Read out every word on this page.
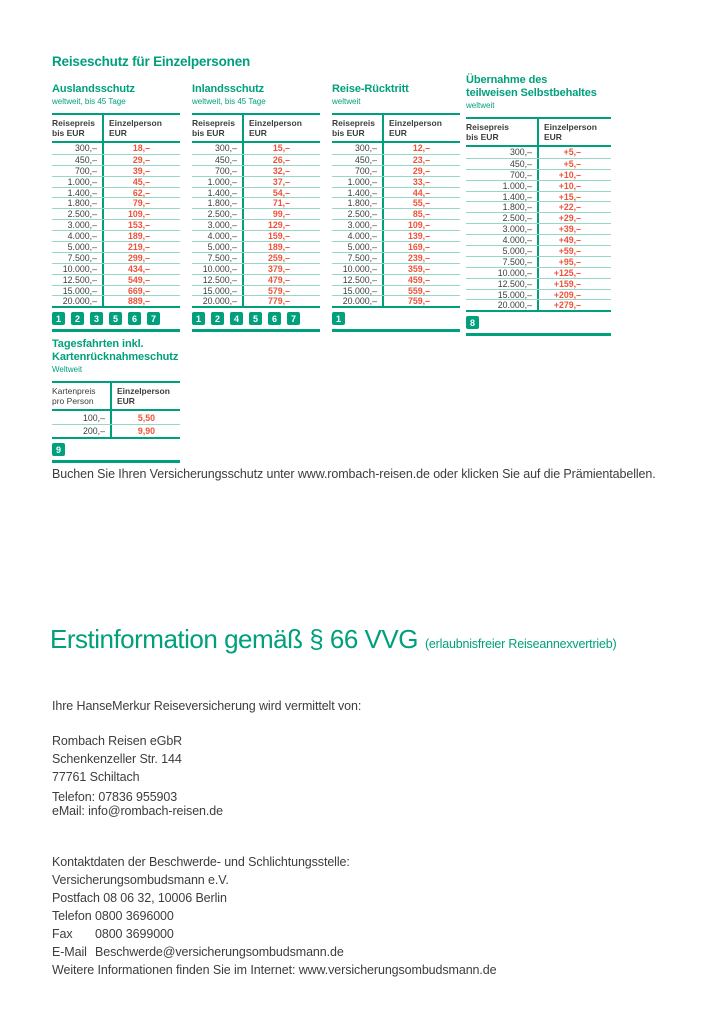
Reiseschutz für Einzelpersonen
Auslandsschutz
weltweit, bis 45 Tage
Reisepreis
bis EUR
Einzelperson
EUR
300,–	18,–
450,–	29,–
700,–	39,–
1.000,–	45,–
1.400,–	62,–
1.800,–	79,–
2.500,–	109,–
3.000,–	153,–
4.000,–	189,–
5.000,–	219,–
7.500,–	299,–
10.000,–	434,–
12.500,–	549,–
15.000,–	669,–
20.000,–	889,–
1 2 3 5 6 7
Inlandsschutz
weltweit, bis 45 Tage
Reisepreis
bis EUR
Einzelperson
EUR
300,–	15,–
450,–	26,–
700,–	32,–
1.000,–	37,–
1.400,–	54,–
1.800,–	71,–
2.500,–	99,–
3.000,–	129,–
4.000,–	159,–
5.000,–	189,–
7.500,–	259,–
10.000,–	379,–
12.500,–	479,–
15.000,–	579,–
20.000,–	779,–
1 2 4 5 6 7
Reise-Rücktritt
weltweit
Reisepreis
bis EUR
Einzelperson
EUR
300,–	12,–
450,–	23,–
700,–	29,–
1.000,–	33,–
1.400,–	44,–
1.800,–	55,–
2.500,–	85,–
3.000,–	109,–
4.000,–	139,–
5.000,–	169,–
7.500,–	239,–
10.000,–	359,–
12.500,–	459,–
15.000,–	559,–
20.000,–	759,–
1
Übernahme des
teilweisen Selbstbehaltes
weltweit
Reisepreis
bis EUR
Einzelperson
EUR
300,–	+5,–
450,–	+5,–
700,–	+10,–
1.000,–	+10,–
1.400,–	+15,–
1.800,–	+22,–
2.500,–	+29,–
3.000,–	+39,–
4.000,–	+49,–
5.000,–	+59,–
7.500,–	+95,–
10.000,–	+125,–
12.500,–	+159,–
15.000,–	+209,–
20.000,–	+279,–
8
Tagesfahrten inkl.
Kartenrücknahmeschutz
Weltweit
Kartenpreis
pro Person
Einzelperson
EUR
100,–	5,50
200,–	9,90
9
Buchen Sie Ihren Versicherungsschutz unter www.rombach-reisen.de oder klicken Sie auf die Prämientabellen.
Erstinformation gemäß § 66 VVG (erlaubnisfreier Reiseannexvertrieb)
Ihre HanseMerkur Reiseversicherung wird vermittelt von:
Rombach Reisen eGbR
Schenkenzeller Str. 144
77761 Schiltach
Telefon: 07836 955903
eMail: info@rombach-reisen.de
Kontaktdaten der Beschwerde- und Schlichtungsstelle:
Versicherungsombudsmann e.V.
Postfach 08 06 32, 10006 Berlin
Telefon 0800 3696000
Fax 0800 3699000
E-Mail Beschwerde@versicherungsombudsmann.de
Weitere Informationen finden Sie im Internet: www.versicherungsombudsmann.de
